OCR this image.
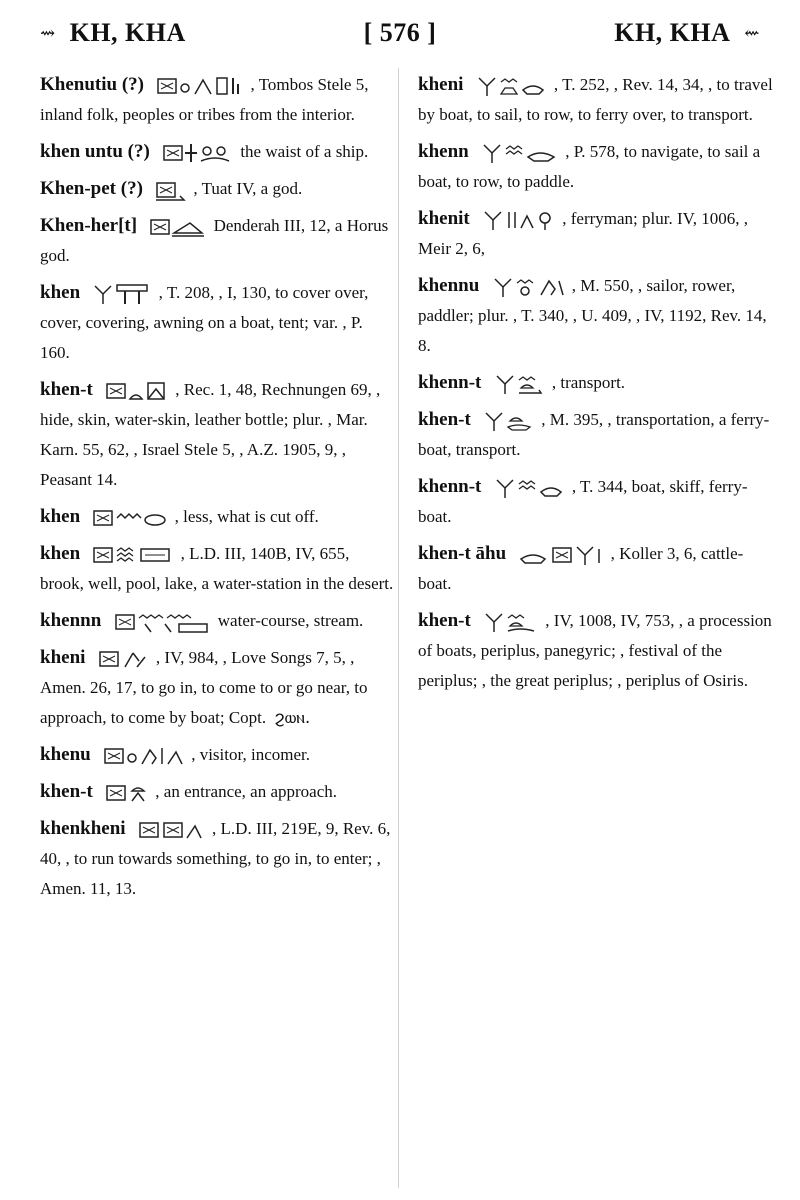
⇝ KH, KHA	[ 576 ]	KH, KHA ⇜
Khenutiu (?)	, Tombos Stele 5, inland folk, peoples or tribes from the interior.
khen untu (?)	the waist of a ship.
Khen-pet (?)	, Tuat IV, a god.
Khen-her[t]	Denderah III, 12, a Horus god.
khen	, T. 208, , I, 130, to cover over, cover, covering, awning on a boat, tent; var. , P. 160.
khen-t	, Rec. 1, 48, Rechnungen 69, , hide, skin, water-skin, leather bottle; plur. , Mar. Karn. 55, 62, , Israel Stele 5, , A.Z. 1905, 9, , Peasant 14.
khen	, less, what is cut off.
khen	, L.D. III, 140B, IV, 655, brook, well, pool, lake, a water-station in the desert.
khennn	water-course, stream.
kheni	, IV, 984, , Love Songs 7, 5, , Amen. 26, 17, to go in, to come to or go near, to approach, to come by boat; Copt. ϩⲱⲛ.
khenu	, visitor, incomer.
khen-t	, an entrance, an approach.
khenkheni	, L.D. III, 219E, 9, Rev. 6, 40, , to run towards something, to go in, to enter; , Amen. 11, 13.
kheni	, T. 252, , Rev. 14, 34, , to travel by boat, to sail, to row, to ferry over, to transport.
khenn	, P. 578, to navigate, to sail a boat, to row, to paddle.
khenit	, ferryman; plur. IV, 1006, , Meir 2, 6,
khennu	, M. 550, , sailor, rower, paddler; plur. , T. 340, , U. 409, , IV, 1192, Rev. 14, 8.
khenn-t	, transport.
khen-t	, M. 395, , transportation, a ferry-boat, transport.
khenn-t	, T. 344, boat, skiff, ferry-boat.
khen-t āhu	, Koller 3, 6, cattle-boat.
khen-t	, IV, 1008, IV, 753, , a procession of boats, periplus, panegyric; , festival of the periplus; , the great periplus; , periplus of Osiris.
